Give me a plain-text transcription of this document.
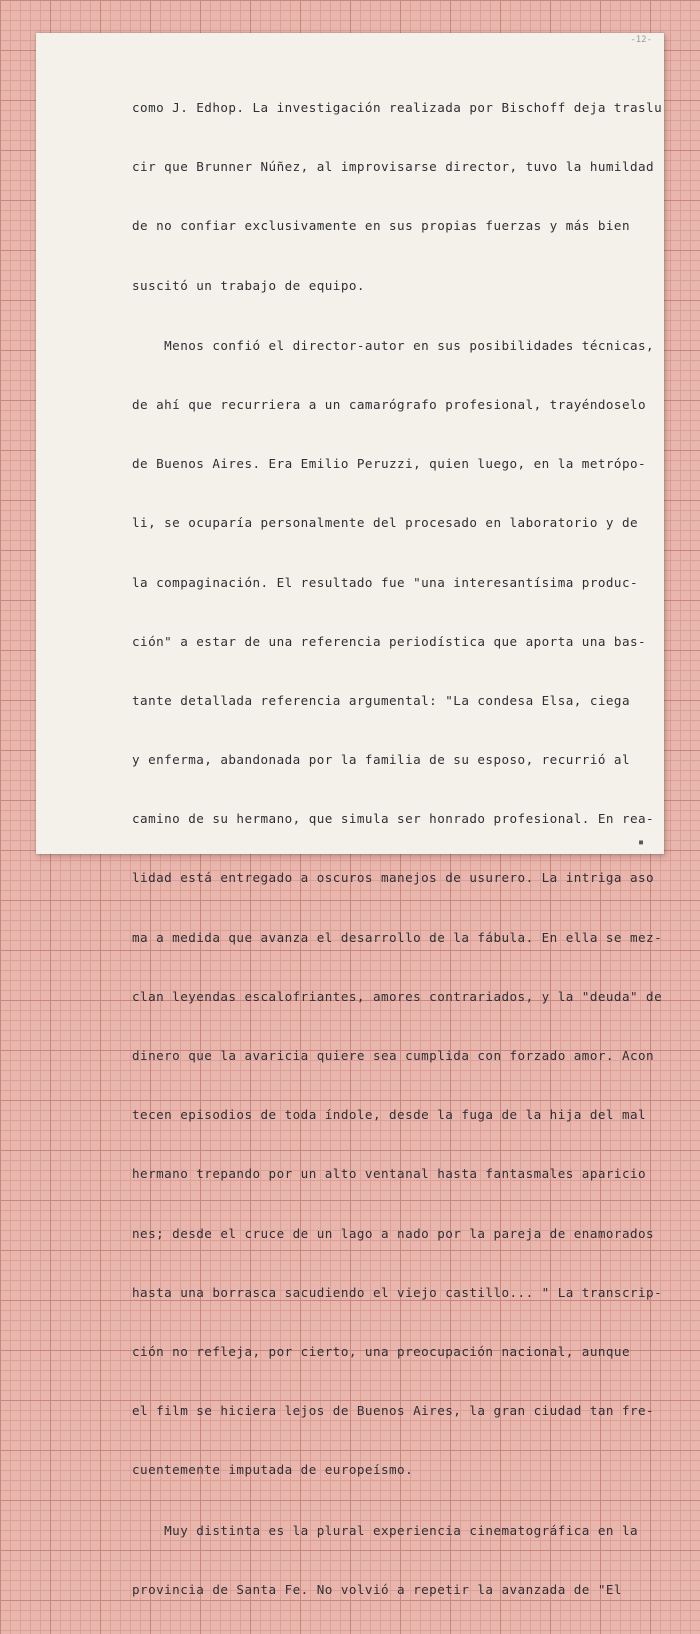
-12-

como J. Edhop. La investigación realizada por Bischoff deja traslu

cir que Brunner Núñez, al improvisarse director, tuvo la humildad

de no confiar exclusivamente en sus propias fuerzas y más bien

suscitó un trabajo de equipo.

Menos confió el director-autor en sus posibilidades técnicas,

de ahí que recurriera a un camarógrafo profesional, trayéndoselo

de Buenos Aires. Era Emilio Peruzzi, quien luego, en la metrópo-

li, se ocuparía personalmente del procesado en laboratorio y de

la compaginación. El resultado fue "una interesantísima produc-

ción" a estar de una referencia periodística que aporta una bas-

tante detallada referencia argumental: "La condesa Elsa, ciega

y enferma, abandonada por la familia de su esposo, recurrió al

camino de su hermano, que simula ser honrado profesional. En rea-

lidad está entregado a oscuros manejos de usurero. La intriga aso

ma a medida que avanza el desarrollo de la fábula. En ella se mez-

clan leyendas escalofriantes, amores contrariados, y la "deuda" de

dinero que la avaricia quiere sea cumplida con forzado amor. Acon

tecen episodios de toda índole, desde la fuga de la hija del mal

hermano trepando por un alto ventanal hasta fantasmales aparicio

nes; desde el cruce de un lago a nado por la pareja de enamorados

hasta una borrasca sacudiendo el viejo castillo... " La transcrip-

ción no refleja, por cierto, una preocupación nacional, aunque

el film se hiciera lejos de Buenos Aires, la gran ciudad tan fre-

cuentemente imputada de europeísmo.

Muy distinta es la plural experiencia cinematográfica en la

provincia de Santa Fe. No volvió a repetir la avanzada de "El

▪
